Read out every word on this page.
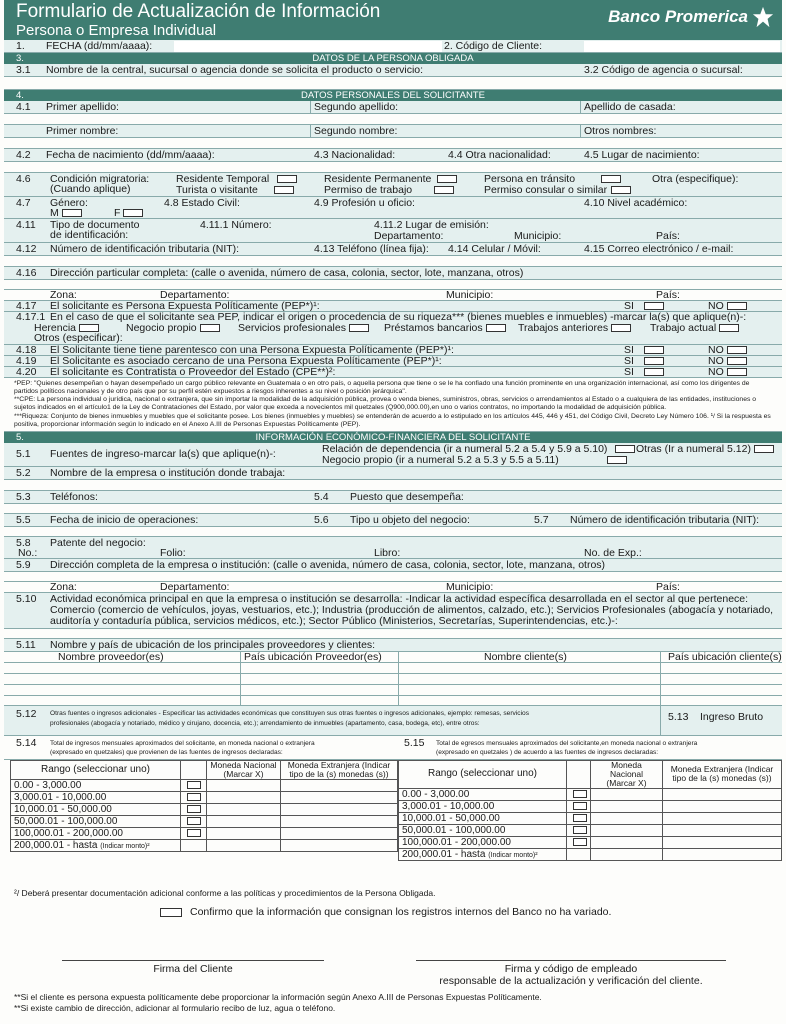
Formulario de Actualización de Información
Persona o Empresa Individual
Banco Promerica
1. FECHA (dd/mm/aaaa):	2. Código de Cliente:
3.	DATOS DE LA PERSONA OBLIGADA
3.1 Nombre de la central, sucursal o agencia donde se solicita el producto o servicio:	3.2 Código de agencia o sucursal:
4.	DATOS PERSONALES DEL SOLICITANTE
4.1 Primer apellido:	Segundo apellido:	Apellido de casada:
Primer nombre:	Segundo nombre:	Otros nombres:
4.2 Fecha de nacimiento (dd/mm/aaaa):	4.3 Nacionalidad:	4.4 Otra nacionalidad:	4.5 Lugar de nacimiento:
4.6 Condición migratoria:
(Cuando aplique)
Residente Temporal	Residente Permanente	Persona en tránsito	Otra (especifique):
Turista o visitante	Permiso de trabajo	Permiso consular o similar
4.7 Género:
M	F
4.8 Estado Civil:	4.9 Profesión u oficio:	4.10 Nivel académico:
4.11 Tipo de documento
de identificación:
4.11.1 Número:	4.11.2 Lugar de emisión:
Departamento:	Municipio:	País:
4.12 Número de identificación tributaria (NIT):	4.13 Teléfono (línea fija): 4.14 Celular / Móvil:	4.15 Correo electrónico / e-mail:
4.16 Dirección particular completa: (calle o avenida, número de casa, colonia, sector, lote, manzana, otros)
Zona:	Departamento:	Municipio:	País:
4.17 El solicitante es Persona Expuesta Políticamente (PEP*)¹:	SI	NO
4.17.1 En el caso de que el solicitante sea PEP, indicar el origen o procedencia de su riqueza*** (bienes muebles e inmuebles) -marcar la(s) que aplique(n)-:
Herencia	Negocio propio	Servicios profesionales	Préstamos bancarios	Trabajos anteriores	Trabajo actual
Otros (especificar):
4.18 El Solicitante tiene tiene parentesco con una Persona Expuesta Políticamente (PEP*)¹:	SI	NO
4.19 El Solicitante es asociado cercano de una Persona Expuesta Políticamente (PEP*)¹:	SI	NO
4.20 El solicitante es Contratista o Proveedor del Estado (CPE**)²:	SI	NO
*PEP: "Quienes desempeñan o hayan desempeñado un cargo público relevante en Guatemala o en otro país, o aquella persona que tiene o se le ha confiado una función prominente en una organización internacional, así como los dirigentes de partidos políticos nacionales y de otro país que por su perfil estén expuestos a riesgos inherentes a su nivel o posición jerárquica".
**CPE: La persona individual o jurídica, nacional o extranjera, que sin importar la modalidad de la adquisición pública, provea o venda bienes, suministros, obras, servicios o arrendamientos al Estado o a cualquiera de las entidades, instituciones o sujetos indicados en el artículo1 de la Ley de Contrataciones del Estado, por valor que exceda a novecientos mil quetzales (Q900,000.00),en uno o varios contratos, no importando la modalidad de adquisición pública.
***Riqueza: Conjunto de bienes inmuebles y muebles que el solicitante posee. Los bienes (inmuebles y muebles) se entenderán de acuerdo a lo estipulado en los artículos 445, 446 y 451, del Código Civil, Decreto Ley Número 106. ¹/ Si la respuesta es positiva, proporcionar información según lo indicado en el Anexo A.III de Personas Expuestas Políticamente (PEP).
5.	INFORMACIÓN ECONÓMICO-FINANCIERA DEL SOLICITANTE
5.1 Fuentes de ingreso-marcar la(s) que aplique(n)-:	Relación de dependencia (ir a numeral 5.2 a 5.4 y 5.9 a 5.10)	Otras (Ir a numeral 5.12)
Negocio propio (ir a numeral 5.2 a 5.3 y 5.5 a 5.11)
5.2 Nombre de la empresa o institución donde trabaja:
5.3 Teléfonos:	5.4 Puesto que desempeña:
5.5 Fecha de inicio de operaciones:	5.6 Tipo u objeto del negocio:	5.7 Número de identificación tributaria (NIT):
5.8 Patente del negocio:
No.:	Folio:	Libro:	No. de Exp.:
5.9 Dirección completa de la empresa o institución: (calle o avenida, número de casa, colonia, sector, lote, manzana, otros)
Zona:	Departamento:	Municipio:	País:
5.10 Actividad económica principal en que la empresa o institución se desarrolla: -Indicar la actividad específica desarrollada en el sector al que pertenece:
Comercio (comercio de vehículos, joyas, vestuarios, etc.); Industria (producción de alimentos, calzado, etc.); Servicios Profesionales (abogacía y notariado,
auditoría y contaduría pública, servicios médicos, etc.); Sector Público (Ministerios, Secretarías, Superintendencias, etc.)-:
5.11 Nombre y país de ubicación de los principales proveedores y clientes:
Nombre proveedor(es)	País ubicación Proveedor(es)	Nombre cliente(s)	País ubicación cliente(s)
5.12 Otras fuentes o ingresos adicionales - Especificar las actividades económicas que constituyen sus otras fuentes o ingresos adicionales, ejemplo: remesas, servicios
profesionales (abogacía y notariado, médico y cirujano, docencia, etc.); arrendamiento de inmuebles (apartamento, casa, bodega, etc), entre otros:
5.13 Ingreso Bruto
5.14 Total de ingresos mensuales aproximados del solicitante, en moneda nacional o extranjera
(expresado en quetzales) que provienen de las fuentes de ingresos declaradas:
5.15 Total de egresos mensuales aproximados del solicitante,en moneda nacional o extranjera
(expresado en quetzales ) de acuerdo a las fuentes de ingresos declaradas:
Rango (seleccionar uno)		Moneda Nacional
(Marcar X)	Moneda Extranjera (Indicar
tipo de la (s) monedas (s))
0.00 - 3,000.00			
3,000.01 - 10,000.00			
10,000.01 - 50,000.00			
50,000.01 - 100,000.00			
100,000.01 - 200,000.00			
200,000.01 - hasta (Indicar monto)²			
Rango (seleccionar uno)		Moneda Nacional
(Marcar X)	Moneda Extranjera (Indicar
tipo de la (s) monedas (s))
0.00 - 3,000.00			
3,000.01 - 10,000.00			
10,000.01 - 50,000.00			
50,000.01 - 100,000.00			
100,000.01 - 200,000.00			
200,000.01 - hasta (Indicar monto)²			
²/ Deberá presentar documentación adicional conforme a las políticas y procedimientos de la Persona Obligada.
Confirmo que la información que consignan los registros internos del Banco no ha variado.
Firma del Cliente	Firma y código de empleado
responsable de la actualización y verificación del cliente.
**Si el cliente es persona expuesta políticamente debe proporcionar la información según Anexo A.III de Personas Expuestas Políticamente.
**Si existe cambio de dirección, adicionar al formulario recibo de luz, agua o teléfono.
